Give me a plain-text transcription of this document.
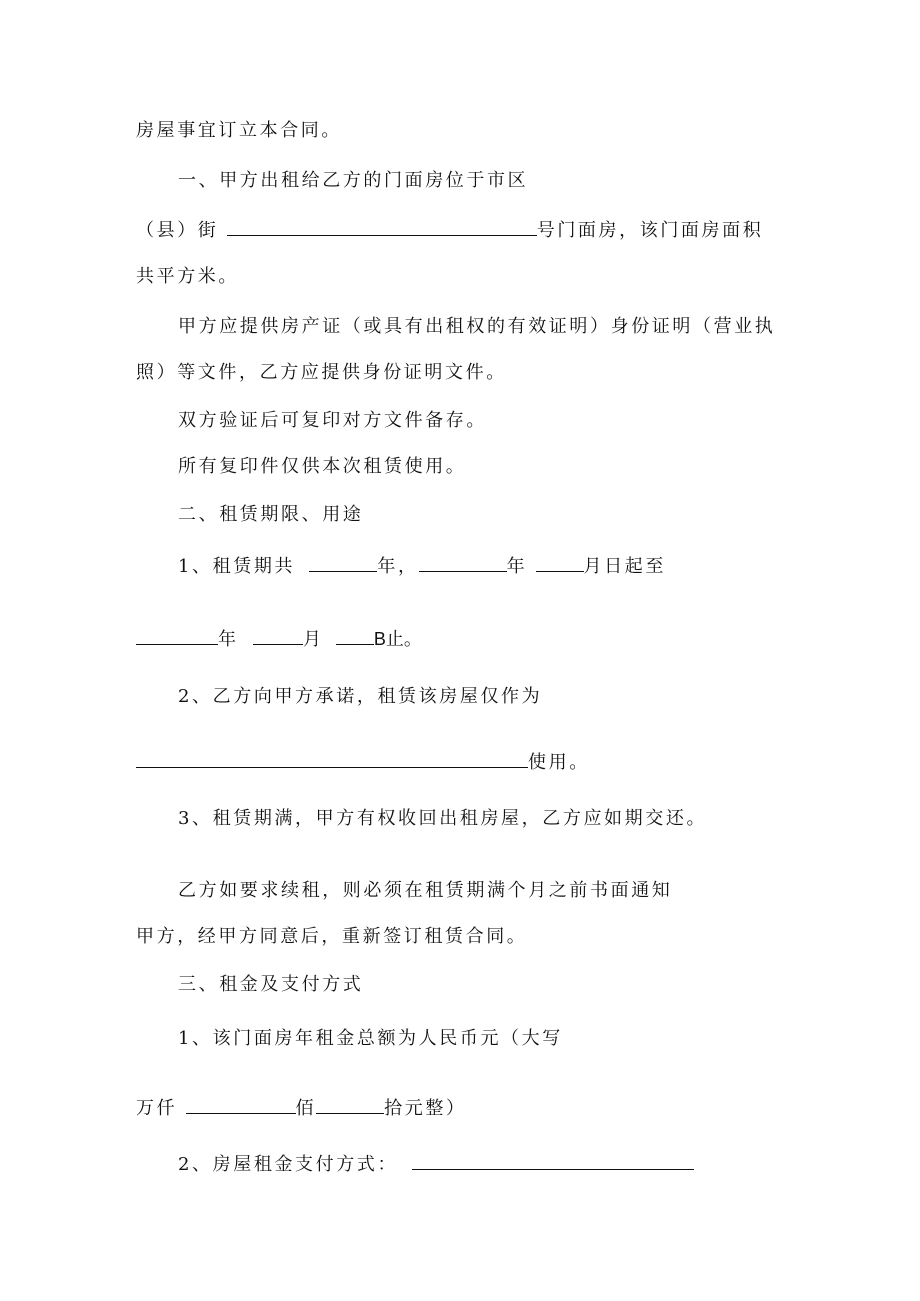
房屋事宜订立本合同。
一、甲方出租给乙方的门面房位于市区
（县）街	号门面房，该门面房面积
共平方米。
甲方应提供房产证（或具有出租权的有效证明）身份证明（营业执
照）等文件，乙方应提供身份证明文件。
双方验证后可复印对方文件备存。
所有复印件仅供本次租赁使用。
二、租赁期限、用途
1、租赁期共	年，	年	月日起至
年	月	B止。
2、乙方向甲方承诺，租赁该房屋仅作为
使用。
3、租赁期满，甲方有权收回出租房屋，乙方应如期交还。
乙方如要求续租，则必须在租赁期满个月之前书面通知
甲方，经甲方同意后，重新签订租赁合同。
三、租金及支付方式
1、该门面房年租金总额为人民币元（大写
万仟	佰	拾元整）
2、房屋租金支付方式：
